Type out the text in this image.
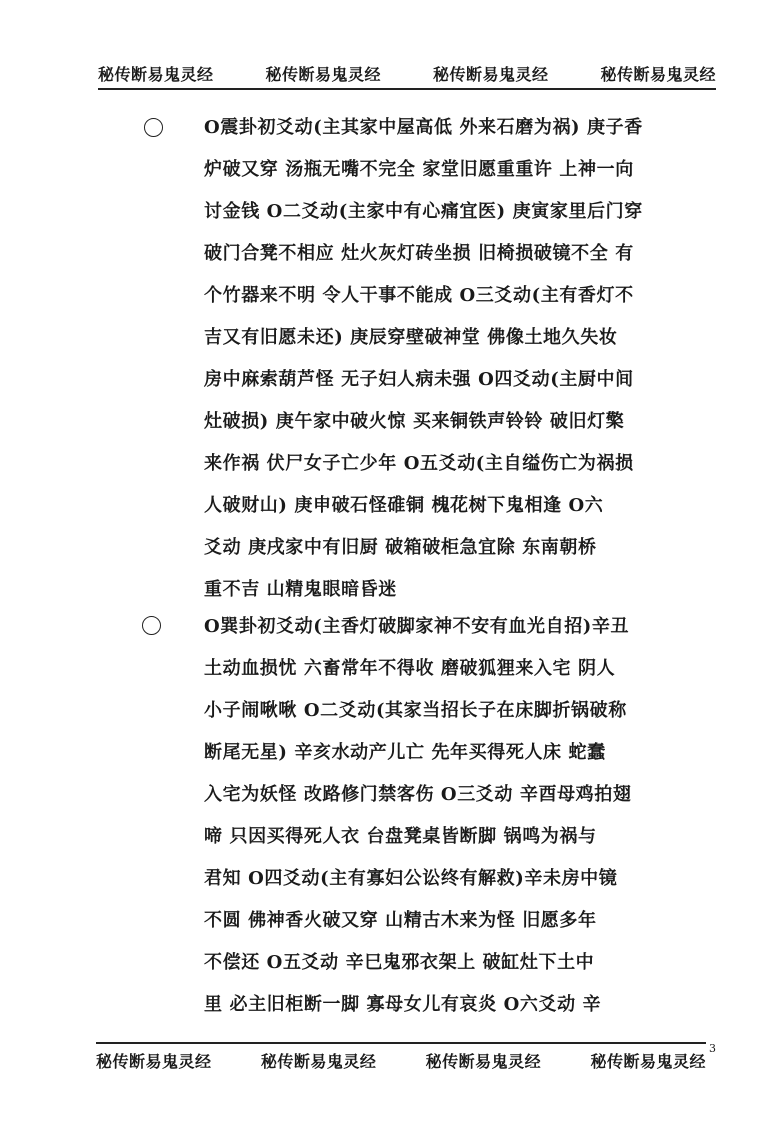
秘传断易鬼灵经	秘传断易鬼灵经	秘传断易鬼灵经	秘传断易鬼灵经
O震卦初爻动(主其家中屋高低 外来石磨为祸) 庚子香
炉破又穿 汤瓶无嘴不完全 家堂旧愿重重许 上神一向
讨金钱 O二爻动(主家中有心痛宜医) 庚寅家里后门穿
破门合凳不相应 灶火灰灯砖坐损 旧椅损破镜不全 有
个竹器来不明 令人干事不能成 O三爻动(主有香灯不
吉又有旧愿未还) 庚辰穿壁破神堂 佛像土地久失妆
房中麻索葫芦怪 无子妇人病未强 O四爻动(主厨中间
灶破损) 庚午家中破火惊 买来铜铁声铃铃 破旧灯檠
来作祸 伏尸女子亡少年 O五爻动(主自缢伤亡为祸损
人破财山) 庚申破石怪碓铜 槐花树下鬼相逢 O六
爻动 庚戌家中有旧厨 破箱破柜急宜除 东南朝桥
重不吉 山精鬼眼暗昏迷
O巽卦初爻动(主香灯破脚家神不安有血光自招)辛丑
土动血损忧 六畜常年不得收 磨破狐狸来入宅 阴人
小子闹啾啾 O二爻动(其家当招长子在床脚折锅破称
断尾无星) 辛亥水动产儿亡 先年买得死人床 蛇蠢
入宅为妖怪 改路修门禁客伤 O三爻动 辛酉母鸡拍翅
啼 只因买得死人衣 台盘凳桌皆断脚 锅鸣为祸与
君知 O四爻动(主有寡妇公讼终有解救)辛未房中镜
不圆 佛神香火破又穿 山精古木来为怪 旧愿多年
不偿还 O五爻动 辛巳鬼邪衣架上 破缸灶下土中
里 必主旧柜断一脚 寡母女儿有哀炎 O六爻动 辛
秘传断易鬼灵经	秘传断易鬼灵经	秘传断易鬼灵经	秘传断易鬼灵经
3
